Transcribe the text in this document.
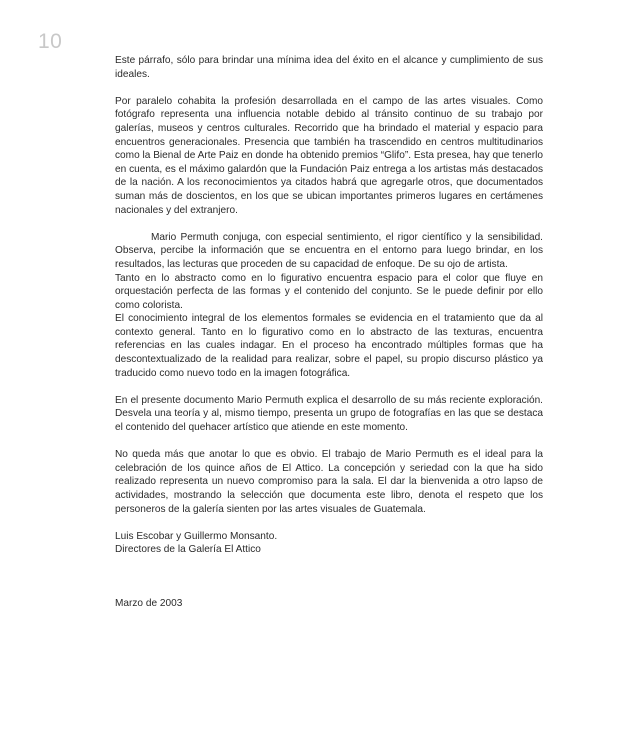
10

Este párrafo, sólo para brindar una mínima idea del éxito en el alcance y cumplimiento de sus ideales.

Por paralelo cohabita la profesión desarrollada en el campo de las artes visuales. Como fotógrafo representa una influencia notable debido al tránsito continuo de su trabajo por galerías, museos y centros culturales. Recorrido que ha brindado el material y espacio para encuentros generacionales. Presencia que también ha trascendido en centros multitudinarios como la Bienal de Arte Paiz en donde ha obtenido premios “Glifo”. Esta presea, hay que tenerlo en cuenta, es el máximo galardón que la Fundación Paiz entrega a los artistas más destacados de la nación. A los reconocimientos ya citados habrá que agregarle otros, que documentados suman más de doscientos, en los que se ubican importantes primeros lugares en certámenes nacionales y del extranjero.

Mario Permuth conjuga, con especial sentimiento, el rigor científico y la sensibilidad. Observa, percibe la información que se encuentra en el entorno para luego brindar, en los resultados, las lecturas que proceden de su capacidad de enfoque. De su ojo de artista.

Tanto en lo abstracto como en lo figurativo encuentra espacio para el color que fluye en orquestación perfecta de las formas y el contenido del conjunto. Se le puede definir por ello como colorista.

El conocimiento integral de los elementos formales se evidencia en el tratamiento que da al contexto general. Tanto en lo figurativo como en lo abstracto de las texturas, encuentra referencias en las cuales indagar. En el proceso ha encontrado múltiples formas que ha descontextualizado de la realidad para realizar, sobre el papel, su propio discurso plástico ya traducido como nuevo todo en la imagen fotográfica.

En el presente documento Mario Permuth explica el desarrollo de su más reciente exploración. Desvela una teoría y al, mismo tiempo, presenta un grupo de fotografías en las que se destaca el contenido del quehacer artístico que atiende en este momento.

No queda más que anotar lo que es obvio. El trabajo de Mario Permuth es el ideal para la celebración de los quince años de El Attico. La concepción y seriedad con la que ha sido realizado representa un nuevo compromiso para la sala. El dar la bienvenida a otro lapso de actividades, mostrando la selección que documenta este libro, denota el respeto que los personeros de la galería sienten por las artes visuales de Guatemala.

Luis Escobar y Guillermo Monsanto.

Directores de la Galería El Attico

Marzo de 2003
